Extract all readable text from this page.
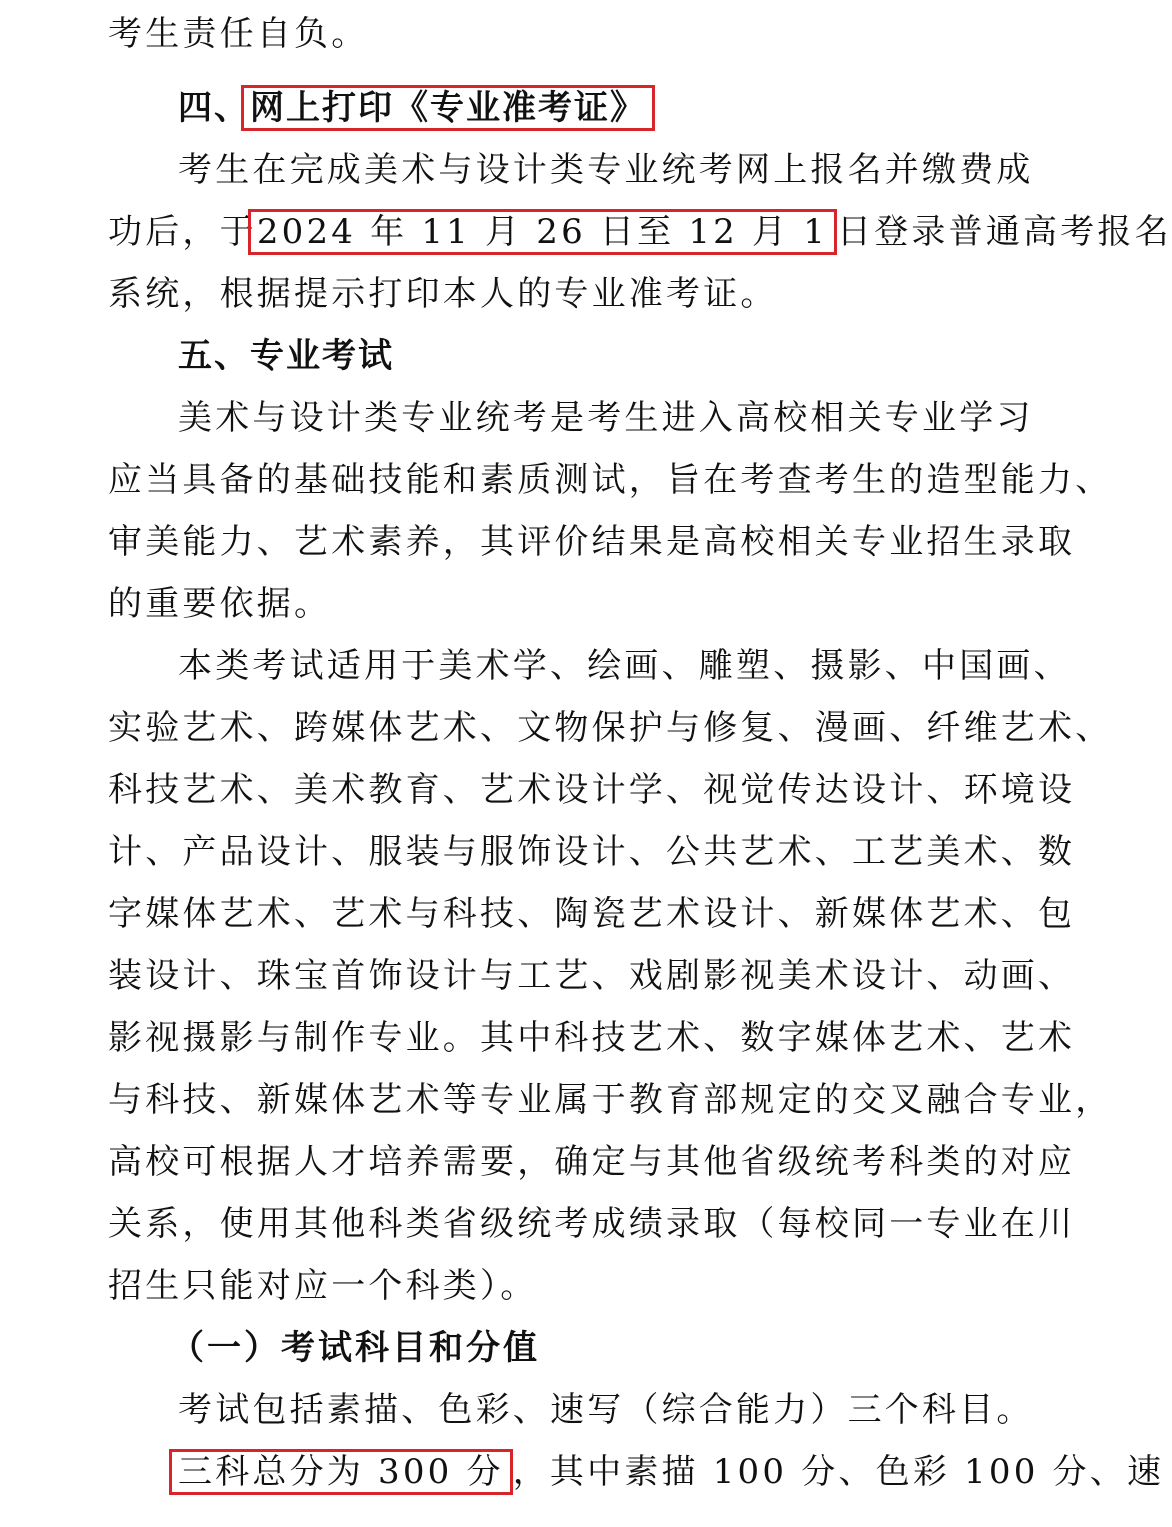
考生责任自负。
四、网上打印《专业准考证》
考生在完成美术与设计类专业统考网上报名并缴费成
功后，于2024 年 11 月 26 日至 12 月 1日登录普通高考报名
系统，根据提示打印本人的专业准考证。
五、专业考试
美术与设计类专业统考是考生进入高校相关专业学习
应当具备的基础技能和素质测试，旨在考查考生的造型能力、
审美能力、艺术素养，其评价结果是高校相关专业招生录取
的重要依据。
本类考试适用于美术学、绘画、雕塑、摄影、中国画、
实验艺术、跨媒体艺术、文物保护与修复、漫画、纤维艺术、
科技艺术、美术教育、艺术设计学、视觉传达设计、环境设
计、产品设计、服装与服饰设计、公共艺术、工艺美术、数
字媒体艺术、艺术与科技、陶瓷艺术设计、新媒体艺术、包
装设计、珠宝首饰设计与工艺、戏剧影视美术设计、动画、
影视摄影与制作专业。其中科技艺术、数字媒体艺术、艺术
与科技、新媒体艺术等专业属于教育部规定的交叉融合专业，
高校可根据人才培养需要，确定与其他省级统考科类的对应
关系，使用其他科类省级统考成绩录取（每校同一专业在川
招生只能对应一个科类）。
（一）考试科目和分值
考试包括素描、色彩、速写（综合能力）三个科目。
三科总分为 300 分 ，其中素描 100 分、色彩 100 分、速
